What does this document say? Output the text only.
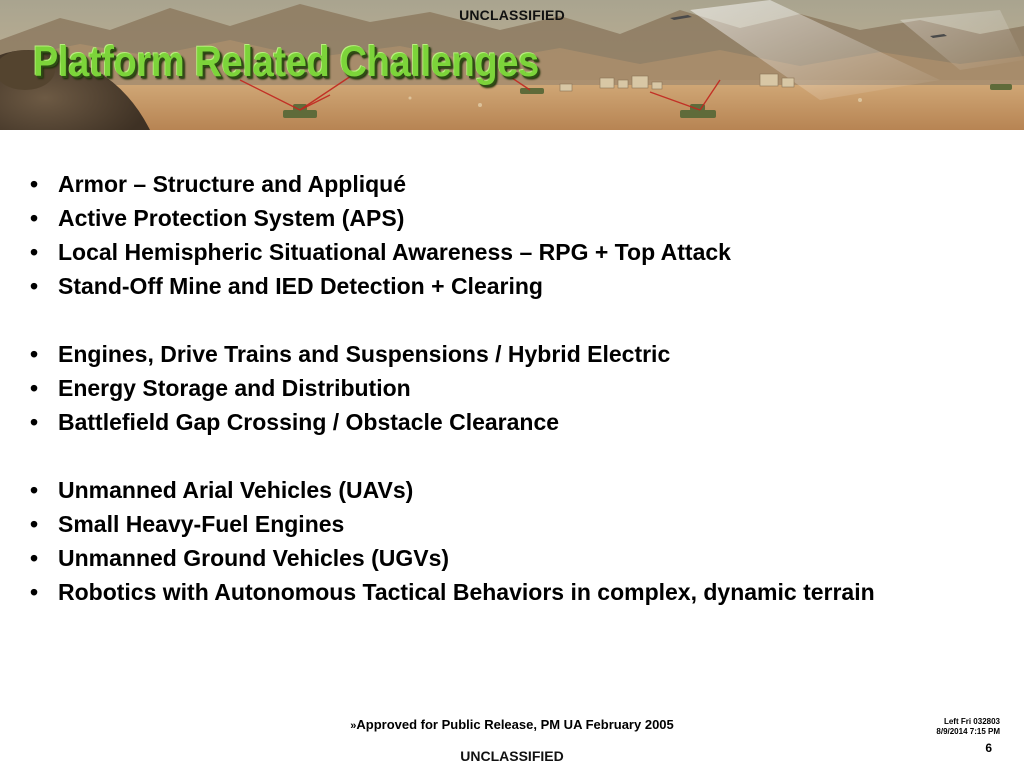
UNCLASSIFIED
Platform Related Challenges
• Armor – Structure and Appliqué
• Active Protection System (APS)
• Local Hemispheric Situational Awareness – RPG + Top Attack
• Stand-Off Mine and IED Detection + Clearing
• Engines, Drive Trains and Suspensions / Hybrid Electric
• Energy Storage and Distribution
• Battlefield Gap Crossing / Obstacle Clearance
• Unmanned Arial Vehicles (UAVs)
• Small Heavy-Fuel Engines
• Unmanned Ground Vehicles (UGVs)
• Robotics with Autonomous Tactical Behaviors in complex, dynamic terrain
»Approved for Public Release, PM UA February 2005	Left Fri 032803
8/9/2014 7:15 PM
6
UNCLASSIFIED
